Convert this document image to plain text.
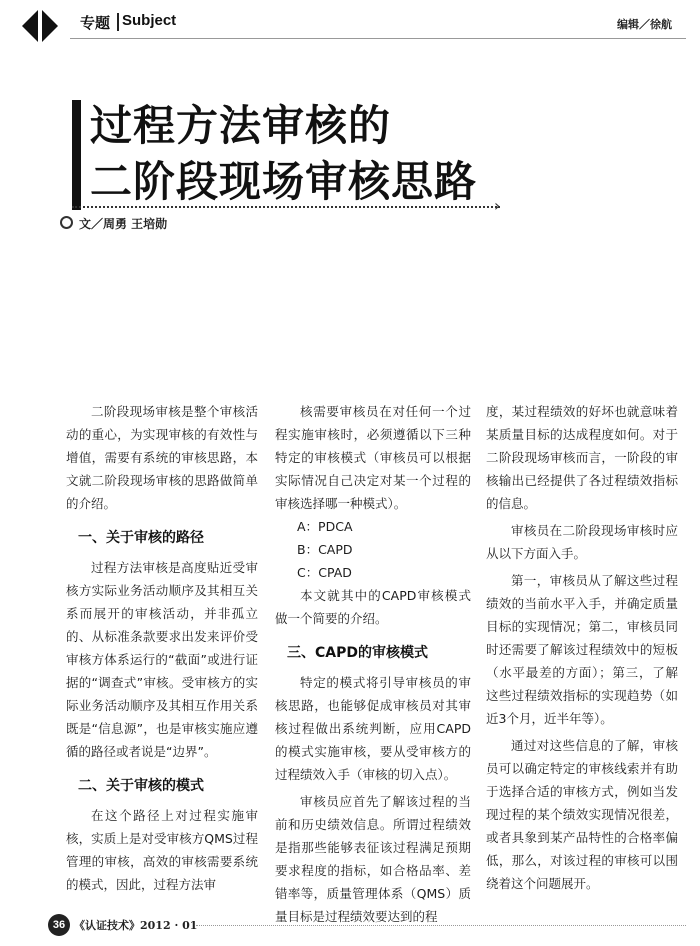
专题 Subject	编辑／徐航
过程方法审核的
二阶段现场审核思路 ›
文／周勇 王培勋

二阶段现场审核是整个审核活动的重心，为实现审核的有效性与增值，需要有系统的审核思路，本文就二阶段现场审核的思路做简单的介绍。

一、关于审核的路径

过程方法审核是高度贴近受审核方实际业务活动顺序及其相互关系而展开的审核活动，并非孤立的、从标准条款要求出发来评价受审核方体系运行的“截面”或进行证据的“调查式”审核。受审核方的实际业务活动顺序及其相互作用关系既是“信息源”，也是审核实施应遵循的路径或者说是“边界”。

二、关于审核的模式

在这个路径上对过程实施审核，实质上是对受审核方QMS过程管理的审核，高效的审核需要系统的模式，因此，过程方法审

核需要审核员在对任何一个过程实施审核时，必须遵循以下三种特定的审核模式（审核员可以根据实际情况自己决定对某一个过程的审核选择哪一种模式）。

A：PDCA

B：CAPD

C：CPAD

本文就其中的CAPD审核模式做一个简要的介绍。

三、CAPD的审核模式

特定的模式将引导审核员的审核思路，也能够促成审核员对其审核过程做出系统判断，应用CAPD的模式实施审核，要从受审核方的过程绩效入手（审核的切入点）。

审核员应首先了解该过程的当前和历史绩效信息。所谓过程绩效是指那些能够表征该过程满足预期要求程度的指标，如合格品率、差错率等，质量管理体系（QMS）质量目标是过程绩效要达到的程

度，某过程绩效的好坏也就意味着某质量目标的达成程度如何。对于二阶段现场审核而言，一阶段的审核输出已经提供了各过程绩效指标的信息。

审核员在二阶段现场审核时应从以下方面入手。

第一，审核员从了解这些过程绩效的当前水平入手，并确定质量目标的实现情况；第二，审核员同时还需要了解该过程绩效中的短板（水平最差的方面）；第三，了解这些过程绩效指标的实现趋势（如近3个月，近半年等）。

通过对这些信息的了解，审核员可以确定特定的审核线索并有助于选择合适的审核方式，例如当发现过程的某个绩效实现情况很差，或者具象到某产品特性的合格率偏低，那么，对该过程的审核可以围绕着这个问题展开。

36 《认证技术》2012 · 01
